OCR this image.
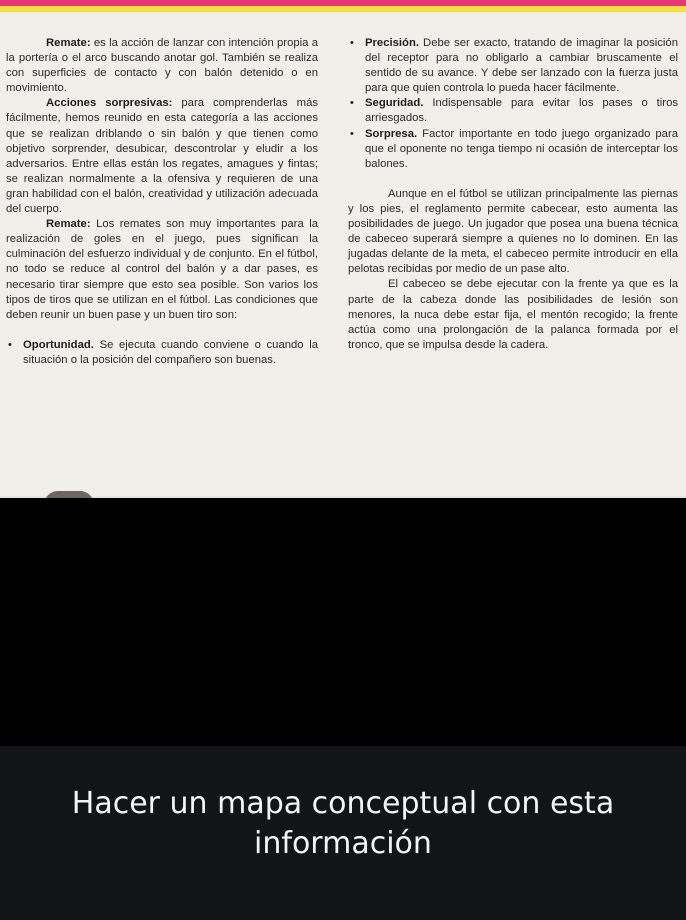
Remate: es la acción de lanzar con intención propia a la portería o el arco buscando anotar gol. También se realiza con superficies de contacto y con balón detenido o en movimiento.

Acciones sorpresivas: para comprenderlas más fácilmente, hemos reunido en esta categoría a las acciones que se realizan driblando o sin balón y que tienen como objetivo sorprender, desubicar, descontrolar y eludir a los adversarios. Entre ellas están los regates, amagues y fintas; se realizan normalmente a la ofensiva y requieren de una gran habilidad con el balón, creatividad y utilización adecuada del cuerpo.

Remate: Los remates son muy importantes para la realización de goles en el juego, pues significan la culminación del esfuerzo individual y de conjunto. En el fútbol, no todo se reduce al control del balón y a dar pases, es necesario tirar siempre que esto sea posible. Son varios los tipos de tiros que se utilizan en el fútbol. Las condiciones que deben reunir un buen pase y un buen tiro son:

• Oportunidad. Se ejecuta cuando conviene o cuando la situación o la posición del compañero son buenas.

• Precisión. Debe ser exacto, tratando de imaginar la posición del receptor para no obligarlo a cambiar bruscamente el sentido de su avance. Y debe ser lanzado con la fuerza justa para que quien controla lo pueda hacer fácilmente.

• Seguridad. Indispensable para evitar los pases o tiros arriesgados.

• Sorpresa. Factor importante en todo juego organizado para que el oponente no tenga tiempo ni ocasión de interceptar los balones.

Aunque en el fútbol se utilizan principalmente las piernas y los pies, el reglamento permite cabecear, esto aumenta las posibilidades de juego. Un jugador que posea una buena técnica de cabeceo superará siempre a quienes no lo dominen. En las jugadas delante de la meta, el cabeceo permite introducir en ella pelotas recibidas por medio de un pase alto.

El cabeceo se debe ejecutar con la frente ya que es la parte de la cabeza donde las posibilidades de lesión son menores, la nuca debe estar fija, el mentón recogido; la frente actúa como una prolongación de la palanca formada por el tronco, que se impulsa desde la cadera.

Hacer un mapa conceptual con esta información
